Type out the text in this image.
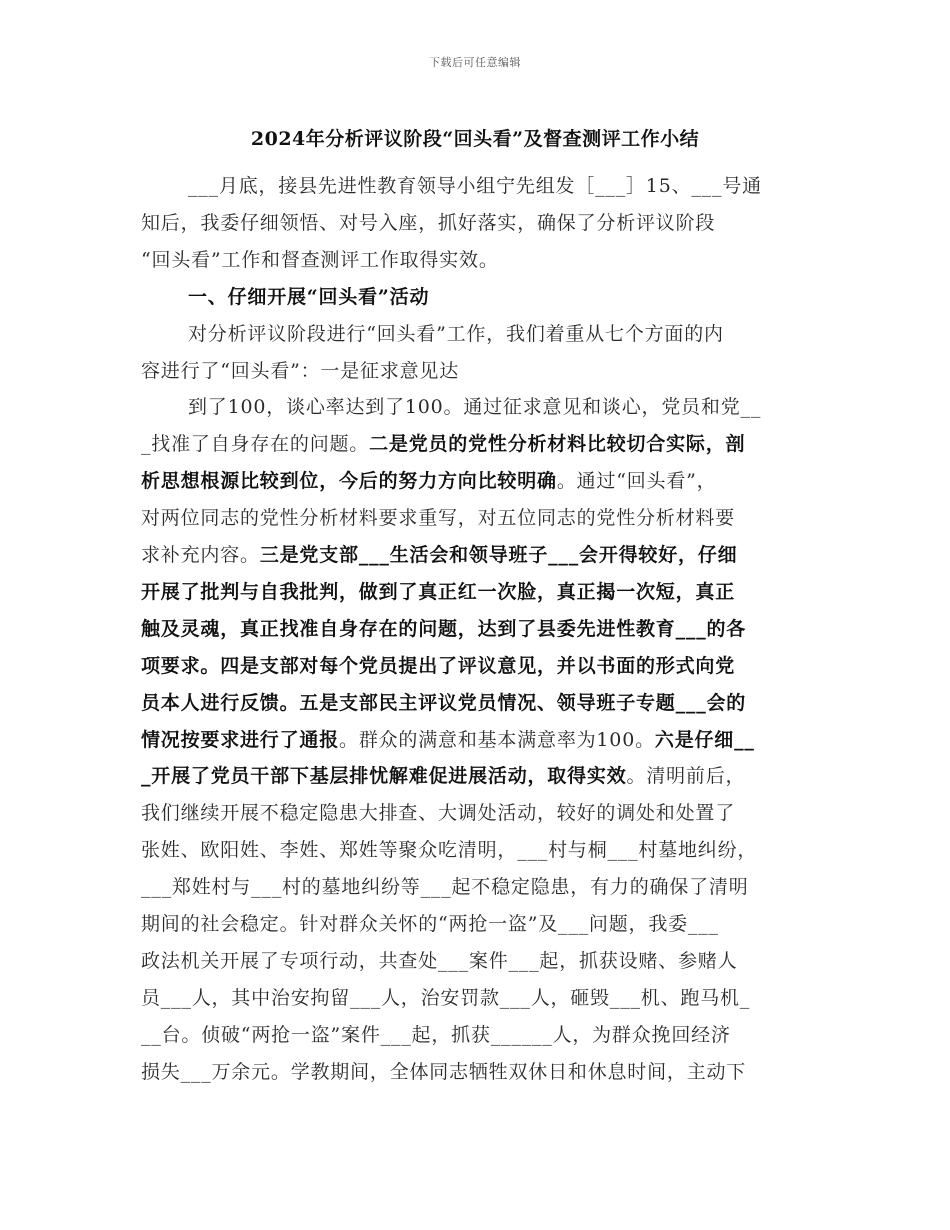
下载后可任意编辑
2024年分析评议阶段“回头看”及督查测评工作小结
___月底，接县先进性教育领导小组宁先组发［___］15、___号通
知后，我委仔细领悟、对号入座，抓好落实，确保了分析评议阶段
“回头看”工作和督查测评工作取得实效。
一、仔细开展“回头看”活动
对分析评议阶段进行“回头看”工作，我们着重从七个方面的内
容进行了“回头看”：一是征求意见达
到了100，谈心率达到了100。通过征求意见和谈心，党员和党__
_找准了自身存在的问题。二是党员的党性分析材料比较切合实际，剖
析思想根源比较到位，今后的努力方向比较明确。通过“回头看”，
对两位同志的党性分析材料要求重写，对五位同志的党性分析材料要
求补充内容。三是党支部___生活会和领导班子___会开得较好，仔细
开展了批判与自我批判，做到了真正红一次脸，真正揭一次短，真正
触及灵魂，真正找准自身存在的问题，达到了县委先进性教育___的各
项要求。四是支部对每个党员提出了评议意见，并以书面的形式向党
员本人进行反馈。五是支部民主评议党员情况、领导班子专题___会的
情况按要求进行了通报。群众的满意和基本满意率为100。六是仔细__
_开展了党员干部下基层排忧解难促进展活动，取得实效。清明前后，
我们继续开展不稳定隐患大排查、大调处活动，较好的调处和处置了
张姓、欧阳姓、李姓、郑姓等聚众吃清明，___村与桐___村墓地纠纷，
___郑姓村与___村的墓地纠纷等___起不稳定隐患，有力的确保了清明
期间的社会稳定。针对群众关怀的“两抢一盗”及___问题，我委___
政法机关开展了专项行动，共查处___案件___起，抓获设赌、参赌人
员___人，其中治安拘留___人，治安罚款___人，砸毁___机、跑马机_
__台。侦破“两抢一盗”案件___起，抓获______人，为群众挽回经济
损失___万余元。学教期间，全体同志牺牲双休日和休息时间，主动下
